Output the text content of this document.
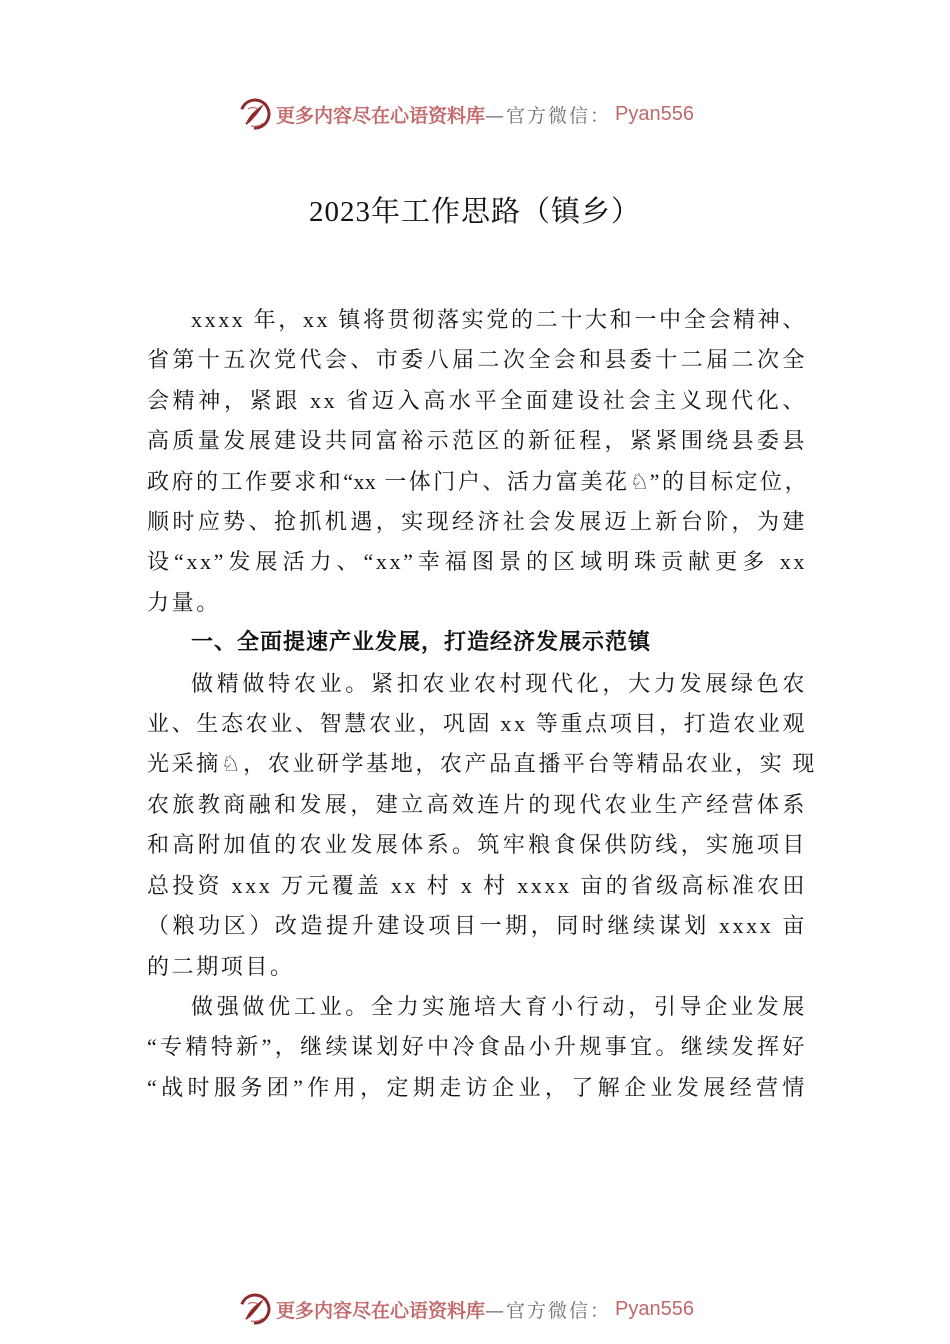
更多内容尽在心语资料库 —官方微信： Pyan556
2023年工作思路（镇乡）

xxxx 年，xx 镇将贯彻落实党的二十大和一中全会精神、
省第十五次党代会、市委八届二次全会和县委十二届二次全
会精神，紧跟 xx 省迈入高水平全面建设社会主义现代化、
高质量发展建设共同富裕示范区的新征程，紧紧围绕县委县
政府的工作要求和“xx 一体门户、活力富美花♘”的目标定位，
顺时应势、抢抓机遇，实现经济社会发展迈上新台阶，为建
设“xx”发展活力、“xx”幸福图景的区域明珠贡献更多 xx
力量。

一、全面提速产业发展，打造经济发展示范镇

做精做特农业。紧扣农业农村现代化，大力发展绿色农
业、生态农业、智慧农业，巩固 xx 等重点项目，打造农业观
光采摘♘，农业研学基地，农产品直播平台等精品农业，实 现
农旅教商融和发展，建立高效连片的现代农业生产经营体系
和高附加值的农业发展体系。筑牢粮食保供防线，实施项目
总投资 xxx 万元覆盖 xx 村 x 村 xxxx 亩的省级高标准农田
（粮功区）改造提升建设项目一期，同时继续谋划 xxxx 亩
的二期项目。

做强做优工业。全力实施培大育小行动，引导企业发展
“专精特新”，继续谋划好中冷食品小升规事宜。继续发挥好
“战时服务团”作用，定期走访企业，了解企业发展经营情

更多内容尽在心语资料库 —官方微信： Pyan556
